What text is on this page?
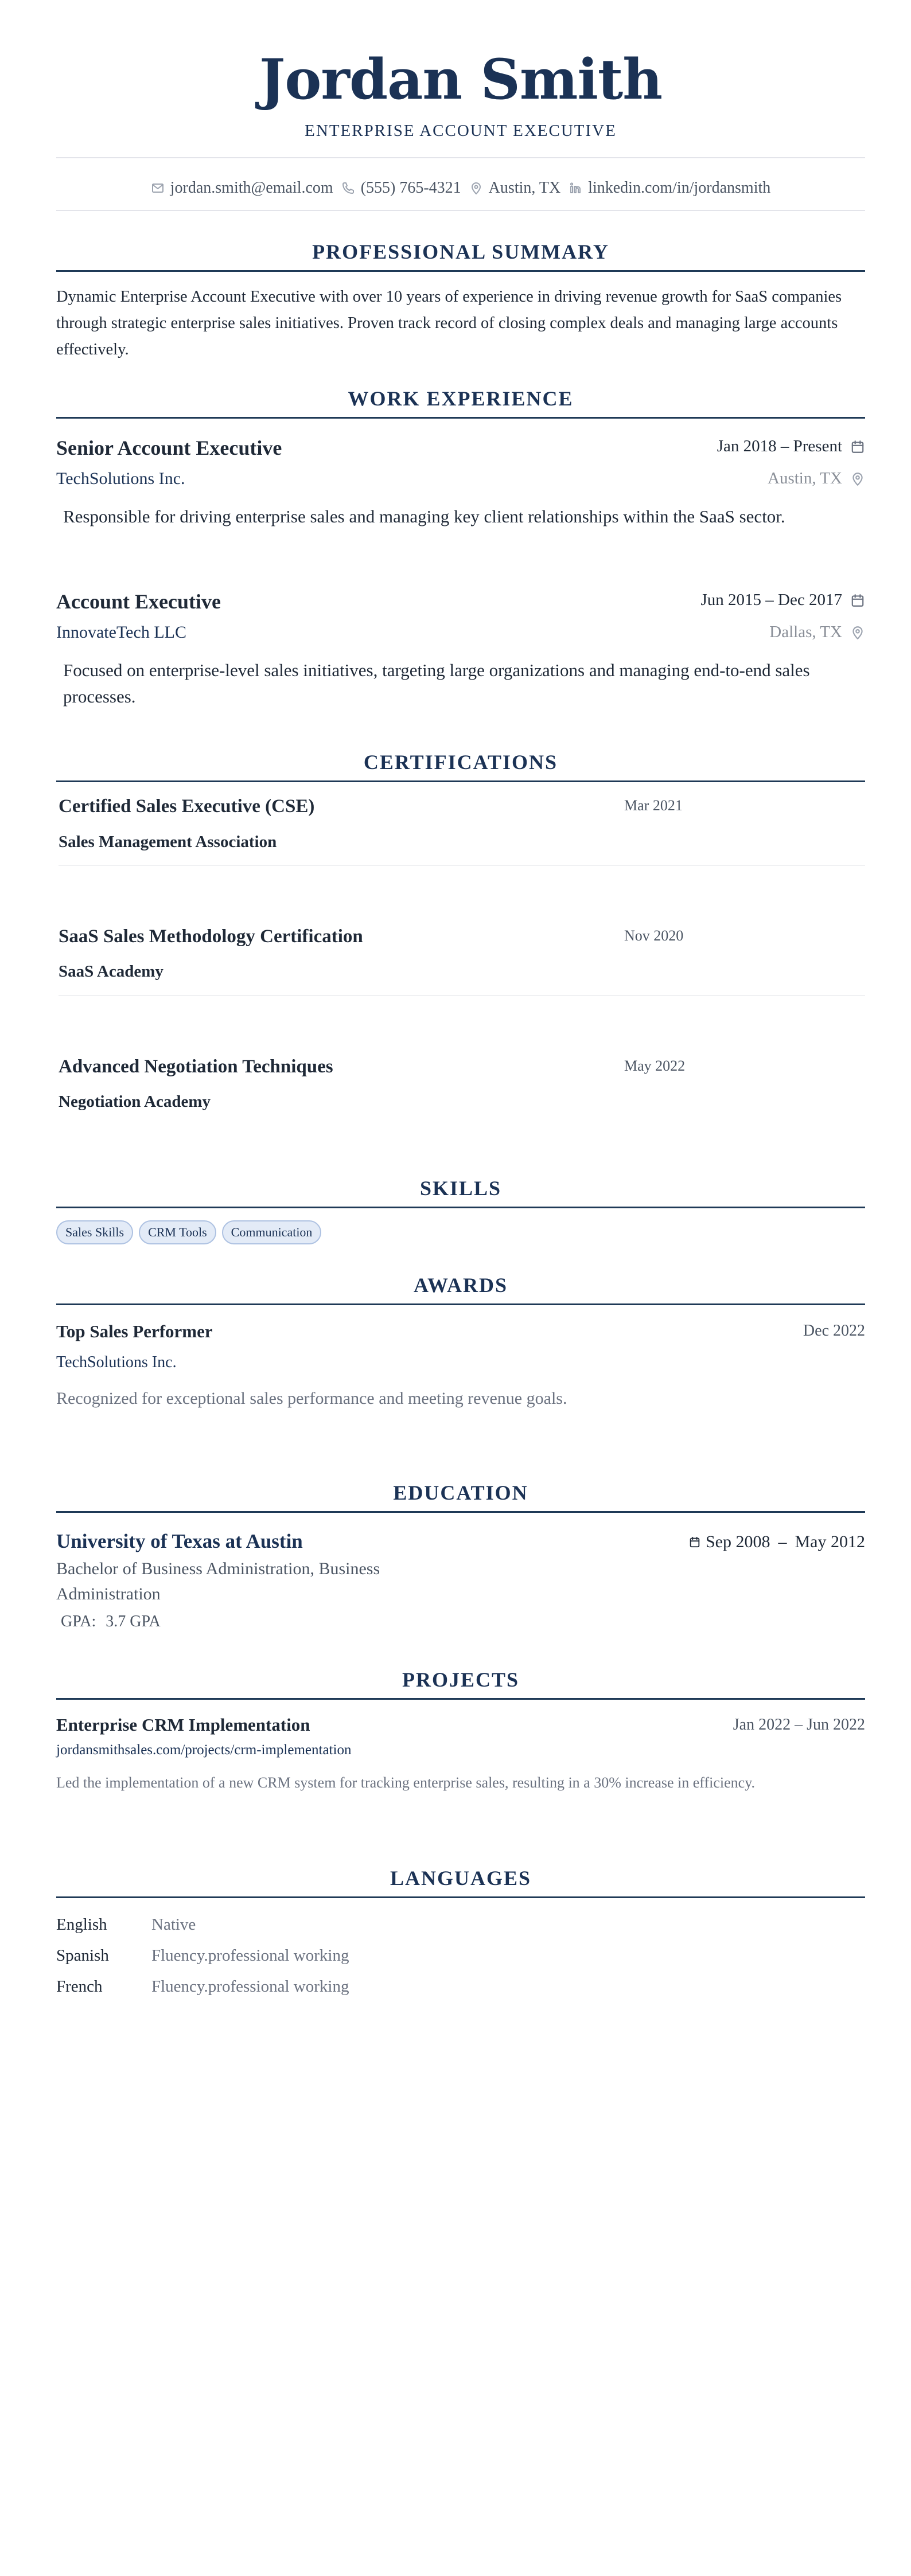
Jordan Smith
ENTERPRISE ACCOUNT EXECUTIVE
jordan.smith@email.com (555) 765-4321 Austin, TX linkedin.com/in/jordansmith
PROFESSIONAL SUMMARY
Dynamic Enterprise Account Executive with over 10 years of experience in driving revenue growth for SaaS companies through strategic enterprise sales initiatives. Proven track record of closing complex deals and managing large accounts effectively.
WORK EXPERIENCE
Senior Account Executive	Jan 2018 – Present
TechSolutions Inc.	Austin, TX
Responsible for driving enterprise sales and managing key client relationships within the SaaS sector.
Account Executive	Jun 2015 – Dec 2017
InnovateTech LLC	Dallas, TX
Focused on enterprise-level sales initiatives, targeting large organizations and managing end-to-end sales processes.
CERTIFICATIONS
Certified Sales Executive (CSE)	Mar 2021
Sales Management Association
SaaS Sales Methodology Certification	Nov 2020
SaaS Academy
Advanced Negotiation Techniques	May 2022
Negotiation Academy
SKILLS
Sales Skills	CRM Tools	Communication
AWARDS
Top Sales Performer	Dec 2022
TechSolutions Inc.
Recognized for exceptional sales performance and meeting revenue goals.
EDUCATION
University of Texas at Austin	Sep 2008 – May 2012
Bachelor of Business Administration, Business Administration
GPA: 3.7 GPA
PROJECTS
Enterprise CRM Implementation	Jan 2022 – Jun 2022
jordansmithsales.com/projects/crm-implementation
Led the implementation of a new CRM system for tracking enterprise sales, resulting in a 30% increase in efficiency.
LANGUAGES
English	Native
Spanish	Fluency.professional working
French	Fluency.professional working
